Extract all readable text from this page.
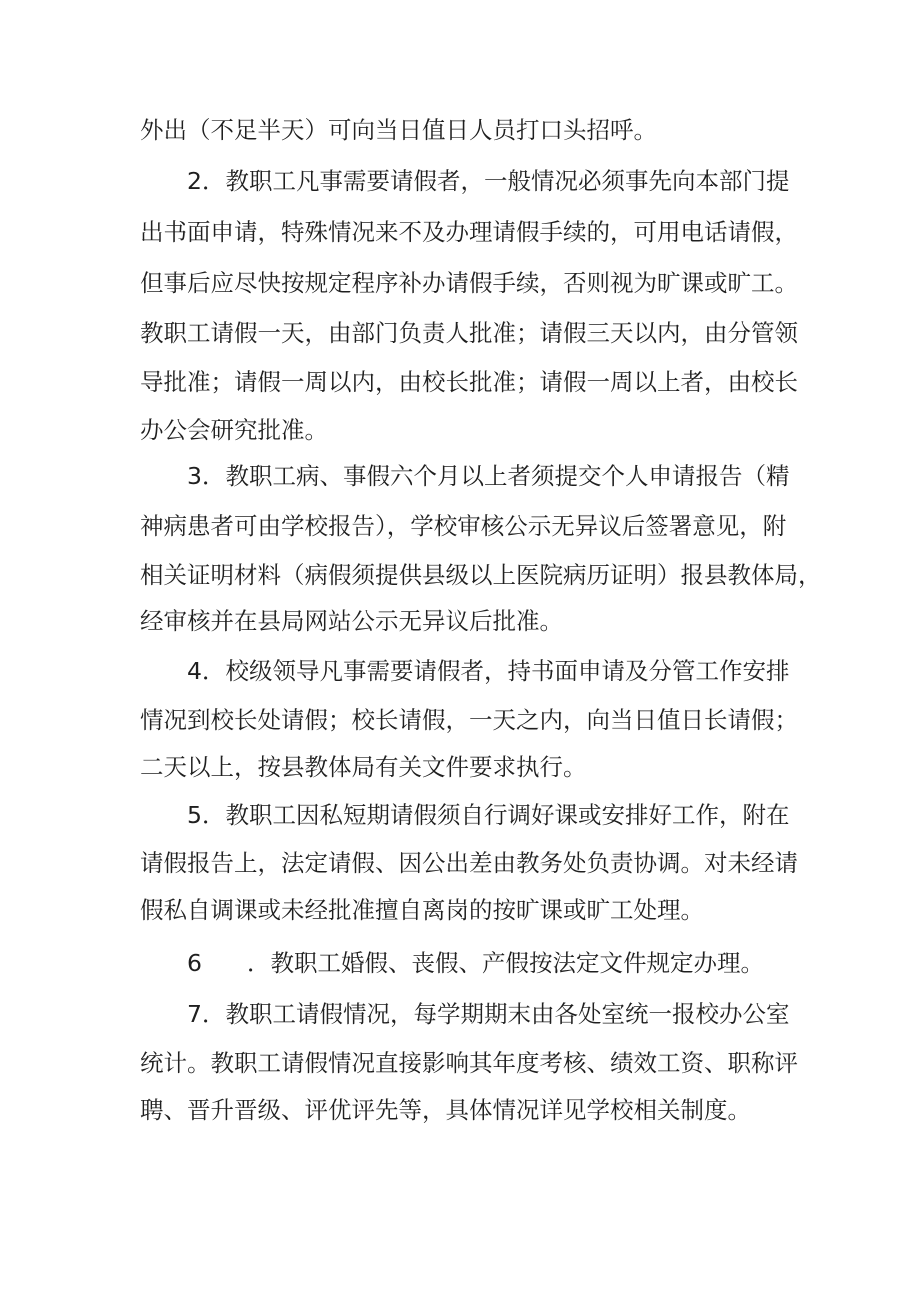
外出（不足半天）可向当日值日人员打口头招呼。
2．教职工凡事需要请假者，一般情况必须事先向本部门提
出书面申请，特殊情况来不及办理请假手续的，可用电话请假，
但事后应尽快按规定程序补办请假手续，否则视为旷课或旷工。
教职工请假一天，由部门负责人批准；请假三天以内，由分管领
导批准；请假一周以内，由校长批准；请假一周以上者，由校长
办公会研究批准。
3．教职工病、事假六个月以上者须提交个人申请报告（精
神病患者可由学校报告），学校审核公示无异议后签署意见，附
相关证明材料（病假须提供县级以上医院病历证明）报县教体局，
经审核并在县局网站公示无异议后批准。
4．校级领导凡事需要请假者，持书面申请及分管工作安排
情况到校长处请假；校长请假，一天之内，向当日值日长请假；
二天以上，按县教体局有关文件要求执行。
5．教职工因私短期请假须自行调好课或安排好工作，附在
请假报告上，法定请假、因公出差由教务处负责协调。对未经请
假私自调课或未经批准擅自离岗的按旷课或旷工处理。
6 ．教职工婚假、丧假、产假按法定文件规定办理。
7．教职工请假情况，每学期期末由各处室统一报校办公室
统计。教职工请假情况直接影响其年度考核、绩效工资、职称评
聘、晋升晋级、评优评先等，具体情况详见学校相关制度。
